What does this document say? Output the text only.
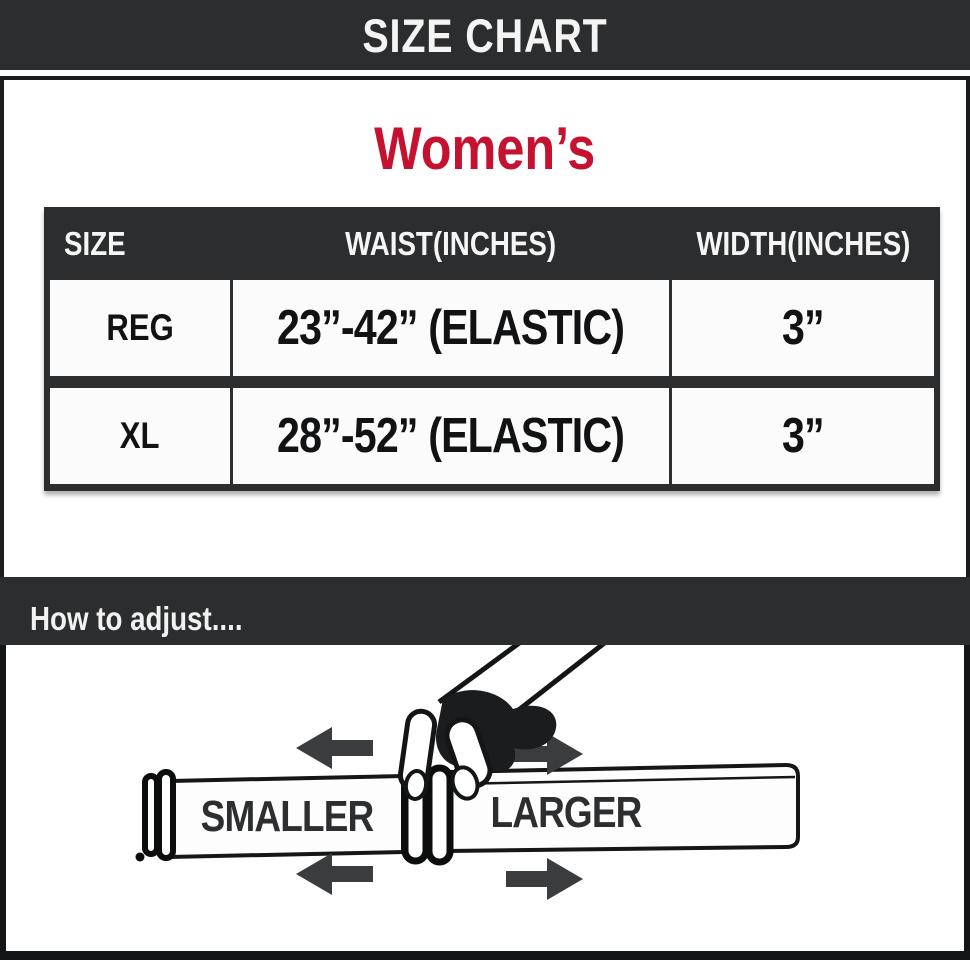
SIZE CHART
Women’s
SIZE	WAIST(INCHES)	WIDTH(INCHES)
REG 23”-42” (ELASTIC)	3”
XL 28”-52” (ELASTIC)	3”
How to adjust....
SMALLER	LARGER
